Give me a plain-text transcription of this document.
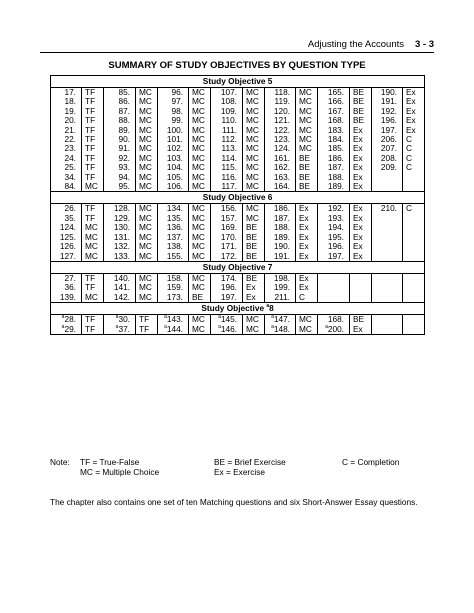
Adjusting the Accounts 3 - 3
SUMMARY OF STUDY OBJECTIVES BY QUESTION TYPE
Study Objective 5													
17.	TF	85.	MC	96.	MC	107.	MC	118.	MC	165.	BE	190.	Ex
18.	TF	86.	MC	97.	MC	108.	MC	119.	MC	166.	BE	191.	Ex
19.	TF	87.	MC	98.	MC	109.	MC	120.	MC	167.	BE	192.	Ex
20.	TF	88.	MC	99.	MC	110.	MC	121.	MC	168.	BE	196.	Ex
21.	TF	89.	MC	100.	MC	111.	MC	122.	MC	183.	Ex	197.	Ex
22.	TF	90.	MC	101.	MC	112.	MC	123.	MC	184.	Ex	206.	C
23.	TF	91.	MC	102.	MC	113.	MC	124.	MC	185.	Ex	207.	C
24.	TF	92.	MC	103.	MC	114.	MC	161.	BE	186.	Ex	208.	C
25.	TF	93.	MC	104.	MC	115.	MC	162.	BE	187.	Ex	209.	C
34.	TF	94.	MC	105.	MC	116.	MC	163.	BE	188.	Ex		
84.	MC	95.	MC	106.	MC	117.	MC	164.	BE	189.	Ex		
Study Objective 6													
26.	TF	128.	MC	134.	MC	156.	MC	186.	Ex	192.	Ex	210.	C
35.	TF	129.	MC	135.	MC	157.	MC	187.	Ex	193.	Ex		
124.	MC	130.	MC	136.	MC	169.	BE	188.	Ex	194.	Ex		
125.	MC	131.	MC	137.	MC	170.	BE	189.	Ex	195.	Ex		
126.	MC	132.	MC	138.	MC	171.	BE	190.	Ex	196.	Ex		
127.	MC	133.	MC	155.	MC	172.	BE	191.	Ex	197.	Ex		
Study Objective 7													
27.	TF	140.	MC	158.	MC	174.	BE	198.	Ex				
36.	TF	141.	MC	159.	MC	196.	Ex	199.	Ex				
139.	MC	142.	MC	173.	BE	197.	Ex	211.	C				
Study Objective $^a$8													
$^a$28.	TF	$^a$30.	TF	$^a$143.	MC	$^a$145.	MC	$^a$147.	MC	168.	BE		
$^a$29.	TF	$^a$37.	TF	$^a$144.	MC	$^a$146.	MC	$^a$148.	MC	$^a$200.	Ex		
Note: TF = True-False
MC = Multiple Choice
BE = Brief Exercise
Ex = Exercise
C = Completion
The chapter also contains one set of ten Matching questions and six Short-Answer Essay questions.
